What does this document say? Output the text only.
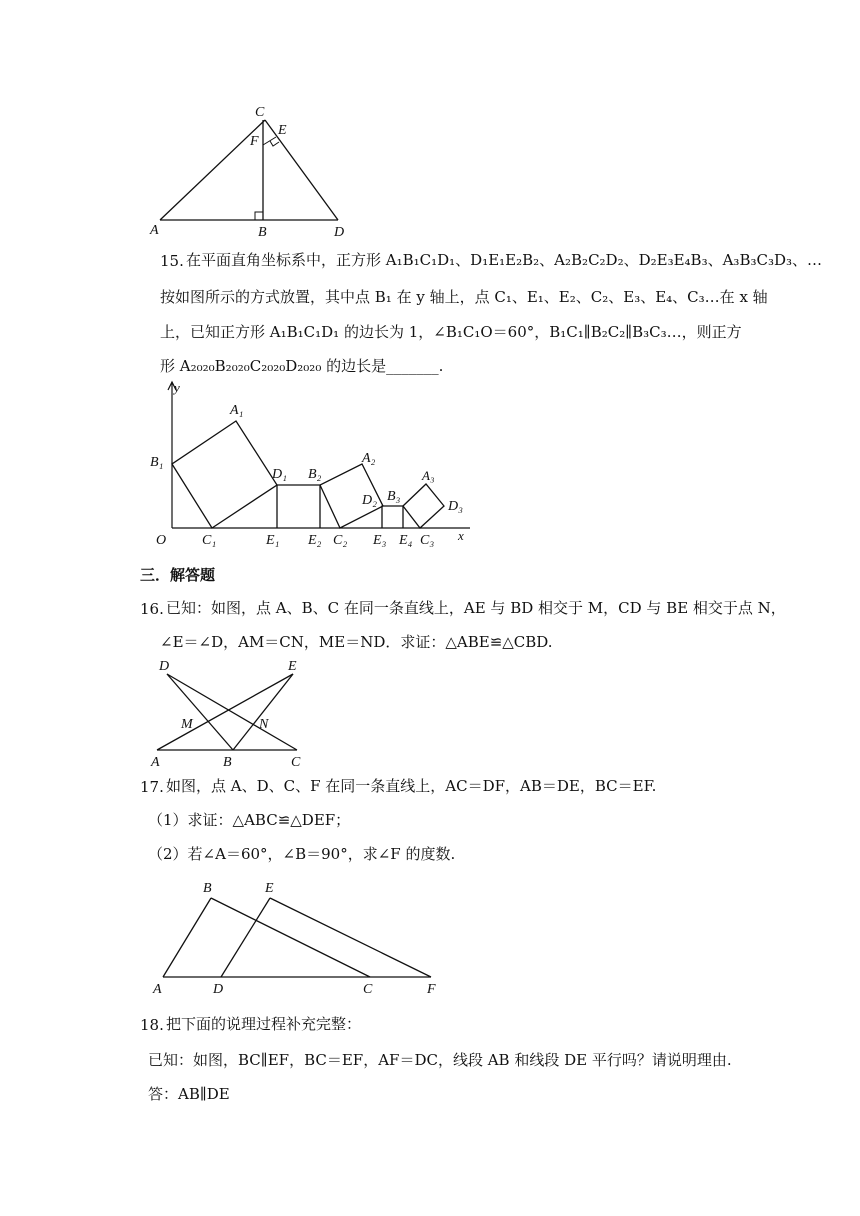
C
E
F
A	B	D
15. 在平面直角坐标系中，正方形 A₁B₁C₁D₁、D₁E₁E₂B₂、A₂B₂C₂D₂、D₂E₃E₄B₃、A₃B₃C₃D₃、…
按如图所示的方式放置，其中点 B₁ 在 y 轴上，点 C₁、E₁、E₂、C₂、E₃、E₄、C₃…在 x 轴
上，已知正方形 A₁B₁C₁D₁ 的边长为 1，∠B₁C₁O＝60°，B₁C₁∥B₂C₂∥B₃C₃…，则正方
形 A₂₀₂₀B₂₀₂₀C₂₀₂₀D₂₀₂₀ 的边长是_______.
y
x
O
A₁
B₁
C₁
D₁
E₁ E₂
B₂
A₂
C₂
D₂
E₃
B₃
E₄
A₃
C₃
D₃
三．解答题
16. 已知：如图，点 A、B、C 在同一条直线上，AE 与 BD 相交于 M，CD 与 BE 相交于点 N，
∠E＝∠D，AM＝CN，ME＝ND．求证：△ABE≌△CBD.
D	E
M	N
A	B	C
17. 如图，点 A、D、C、F 在同一条直线上，AC＝DF，AB＝DE，BC＝EF.
（1）求证：△ABC≌△DEF；
（2）若∠A＝60°，∠B＝90°，求∠F 的度数.
B	E
A	D	C	F
18. 把下面的说理过程补充完整：
已知：如图，BC∥EF，BC＝EF，AF＝DC，线段 AB 和线段 DE 平行吗？请说明理由.
答：AB∥DE
